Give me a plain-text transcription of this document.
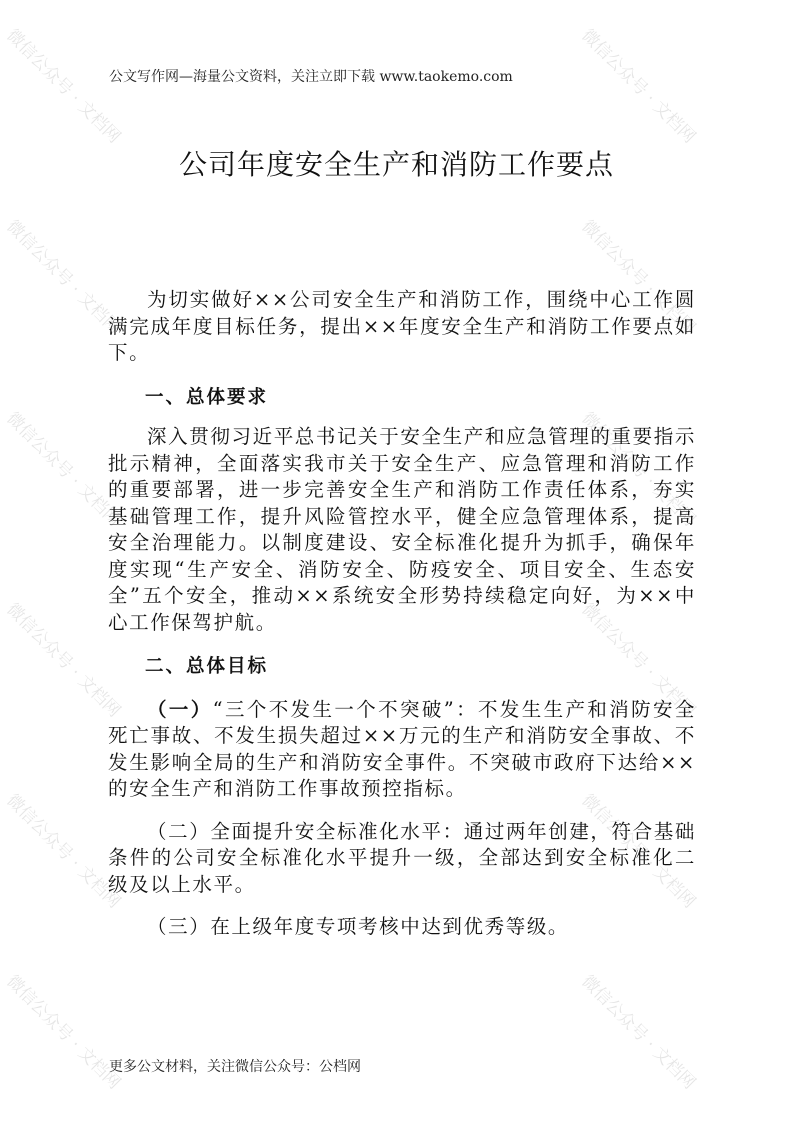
微信公众号 · 文档网	微信公众号 · 文档网
微信公众号 · 文档网	微信公众号 · 文档网
微信公众号 · 文档网	微信公众号 · 文档网
微信公众号 · 文档网	微信公众号 · 文档网
微信公众号 · 文档网	微信公众号 · 文档网
微信公众号 · 文档网	微信公众号 · 文档网
公文写作网—海量公文资料，关注立即下载 www.taokemo.com
公司年度安全生产和消防工作要点

为切实做好××公司安全生产和消防工作，围绕中心工作圆满完成年度目标任务，提出××年度安全生产和消防工作要点如下。

一、总体要求

深入贯彻习近平总书记关于安全生产和应急管理的重要指示批示精神，全面落实我市关于安全生产、应急管理和消防工作的重要部署，进一步完善安全生产和消防工作责任体系，夯实基础管理工作，提升风险管控水平，健全应急管理体系，提高安全治理能力。以制度建设、安全标准化提升为抓手，确保年度实现“生产安全、消防安全、防疫安全、项目安全、生态安全”五个安全，推动××系统安全形势持续稳定向好，为××中心工作保驾护航。

二、总体目标

（一）“三个不发生一个不突破”：不发生生产和消防安全死亡事故、不发生损失超过××万元的生产和消防安全事故、不发生影响全局的生产和消防安全事件。不突破市政府下达给××的安全生产和消防工作事故预控指标。

（二）全面提升安全标准化水平：通过两年创建，符合基础条件的公司安全标准化水平提升一级，全部达到安全标准化二级及以上水平。

（三）在上级年度专项考核中达到优秀等级。

更多公文材料，关注微信公众号：公档网
